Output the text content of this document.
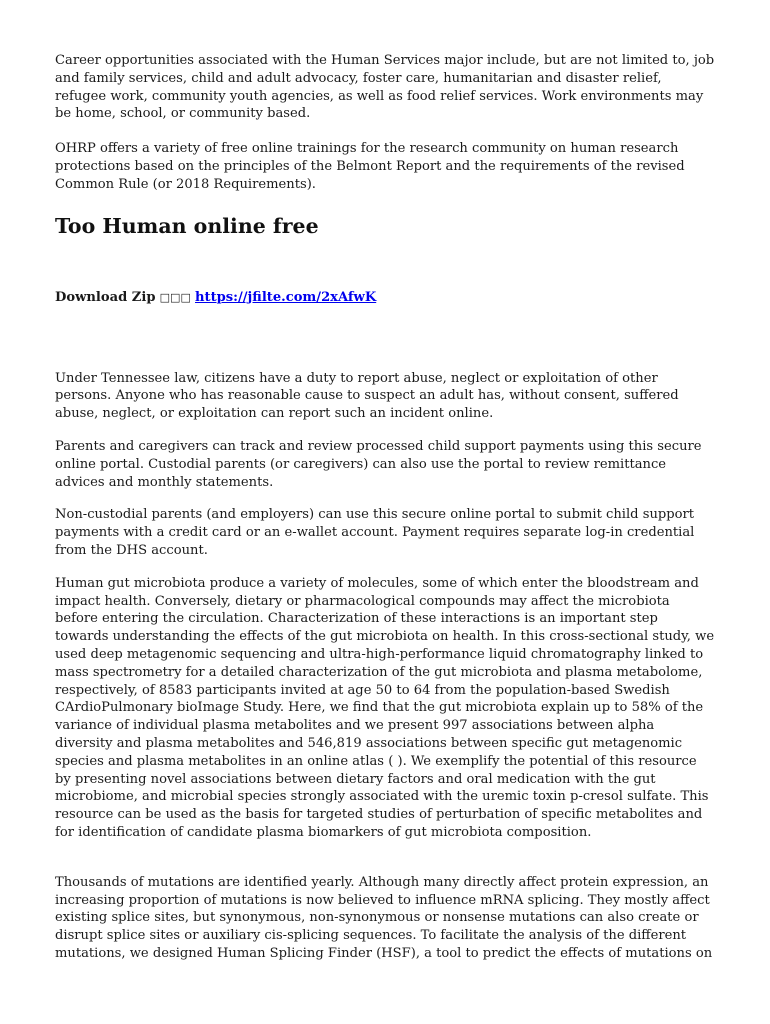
Career opportunities associated with the Human Services major include, but are not limited to, job and family services, child and adult advocacy, foster care, humanitarian and disaster relief, refugee work, community youth agencies, as well as food relief services. Work environments may be home, school, or community based.

OHRP offers a variety of free online trainings for the research community on human research protections based on the principles of the Belmont Report and the requirements of the revised Common Rule (or 2018 Requirements).

Too Human online free
Download Zip □□□ https://jfilte.com/2xAfwK

Under Tennessee law, citizens have a duty to report abuse, neglect or exploitation of other persons. Anyone who has reasonable cause to suspect an adult has, without consent, suffered abuse, neglect, or exploitation can report such an incident online.

Parents and caregivers can track and review processed child support payments using this secure online portal. Custodial parents (or caregivers) can also use the portal to review remittance advices and monthly statements.

Non-custodial parents (and employers) can use this secure online portal to submit child support payments with a credit card or an e-wallet account. Payment requires separate log-in credential from the DHS account.

Human gut microbiota produce a variety of molecules, some of which enter the bloodstream and impact health. Conversely, dietary or pharmacological compounds may affect the microbiota before entering the circulation. Characterization of these interactions is an important step towards understanding the effects of the gut microbiota on health. In this cross-sectional study, we used deep metagenomic sequencing and ultra-high-performance liquid chromatography linked to mass spectrometry for a detailed characterization of the gut microbiota and plasma metabolome, respectively, of 8583 participants invited at age 50 to 64 from the population-based Swedish CArdioPulmonary bioImage Study. Here, we find that the gut microbiota explain up to 58% of the variance of individual plasma metabolites and we present 997 associations between alpha diversity and plasma metabolites and 546,819 associations between specific gut metagenomic species and plasma metabolites in an online atlas ( ). We exemplify the potential of this resource by presenting novel associations between dietary factors and oral medication with the gut microbiome, and microbial species strongly associated with the uremic toxin p-cresol sulfate. This resource can be used as the basis for targeted studies of perturbation of specific metabolites and for identification of candidate plasma biomarkers of gut microbiota composition.

Thousands of mutations are identified yearly. Although many directly affect protein expression, an increasing proportion of mutations is now believed to influence mRNA splicing. They mostly affect existing splice sites, but synonymous, non-synonymous or nonsense mutations can also create or disrupt splice sites or auxiliary cis-splicing sequences. To facilitate the analysis of the different mutations, we designed Human Splicing Finder (HSF), a tool to predict the effects of mutations on
